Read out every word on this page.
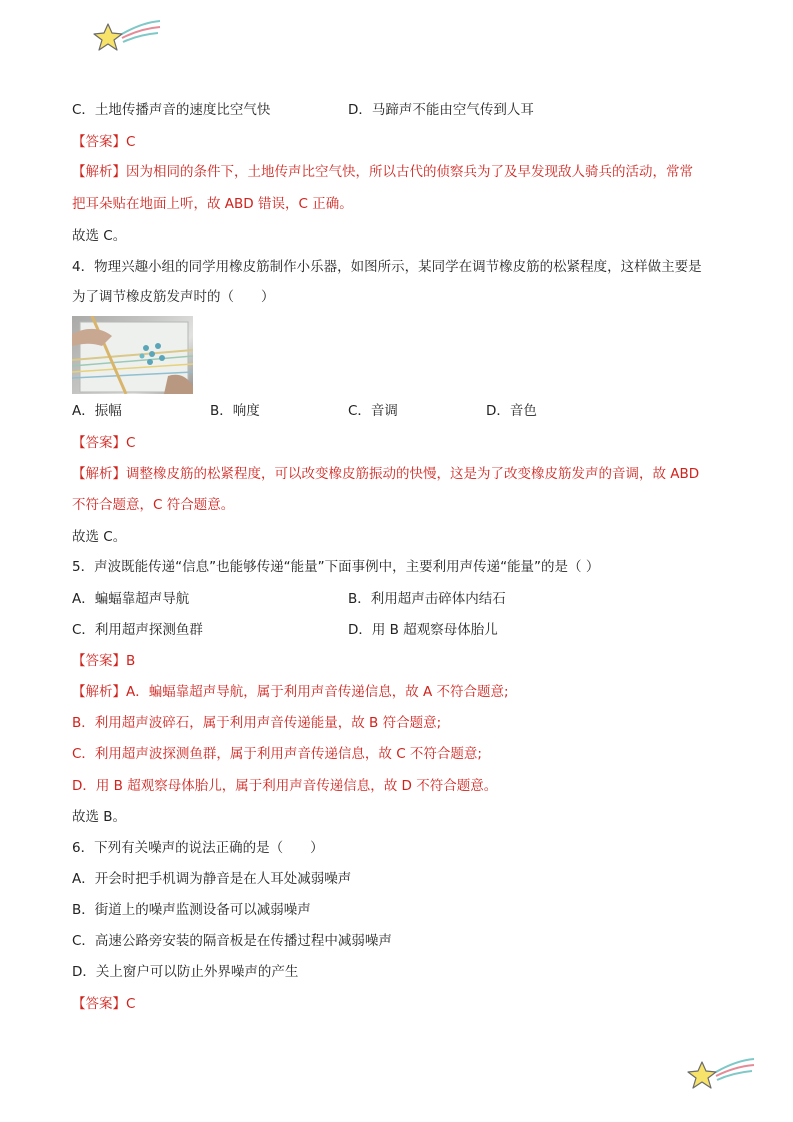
C．土地传播声音的速度比空气快	D．马蹄声不能由空气传到人耳
【答案】C
【解析】因为相同的条件下，土地传声比空气快，所以古代的侦察兵为了及早发现敌人骑兵的活动，常常
把耳朵贴在地面上听，故 ABD 错误，C 正确。
故选 C。
4．物理兴趣小组的同学用橡皮筋制作小乐器，如图所示，某同学在调节橡皮筋的松紧程度，这样做主要是
为了调节橡皮筋发声时的（　　）
A．振幅	B．响度	C．音调	D．音色
【答案】C
【解析】调整橡皮筋的松紧程度，可以改变橡皮筋振动的快慢，这是为了改变橡皮筋发声的音调，故 ABD
不符合题意，C 符合题意。
故选 C。
5．声波既能传递“信息”也能够传递“能量”下面事例中，主要利用声传递“能量”的是（ ）
A．蝙蝠靠超声导航	B．利用超声击碎体内结石
C．利用超声探测鱼群	D．用 B 超观察母体胎儿
【答案】B
【解析】A．蝙蝠靠超声导航，属于利用声音传递信息，故 A 不符合题意;
B．利用超声波碎石，属于利用声音传递能量，故 B 符合题意;
C．利用超声波探测鱼群，属于利用声音传递信息，故 C 不符合题意;
D．用 B 超观察母体胎儿，属于利用声音传递信息，故 D 不符合题意。
故选 B。
6．下列有关噪声的说法正确的是（　　）
A．开会时把手机调为静音是在人耳处减弱噪声
B．街道上的噪声监测设备可以减弱噪声
C．高速公路旁安装的隔音板是在传播过程中减弱噪声
D．关上窗户可以防止外界噪声的产生
【答案】C
